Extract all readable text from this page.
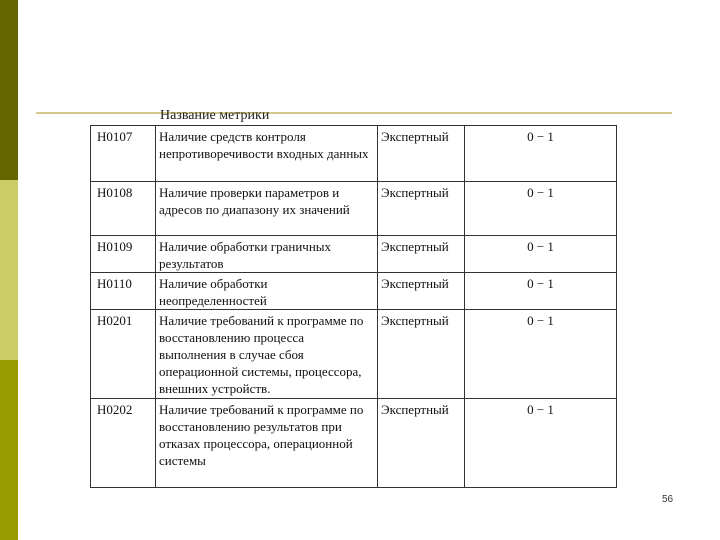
Название метрики
Н0107	Наличие средств контроля непротиворечивости входных данных	Экспертный	0 − 1
Н0108	Наличие проверки параметров и адресов по диапазону их значений	Экспертный	0 − 1
Н0109	Наличие обработки граничных результатов	Экспертный	0 − 1
Н0110	Наличие обработки неопределенностей	Экспертный	0 − 1
Н0201	Наличие требований к программе по восстановлению процесса выполнения в случае сбоя операционной системы, процессора, внешних устройств.	Экспертный	0 − 1
Н0202	Наличие требований к программе по восстановлению результатов при отказах процессора, операционной системы	Экспертный	0 − 1
56
